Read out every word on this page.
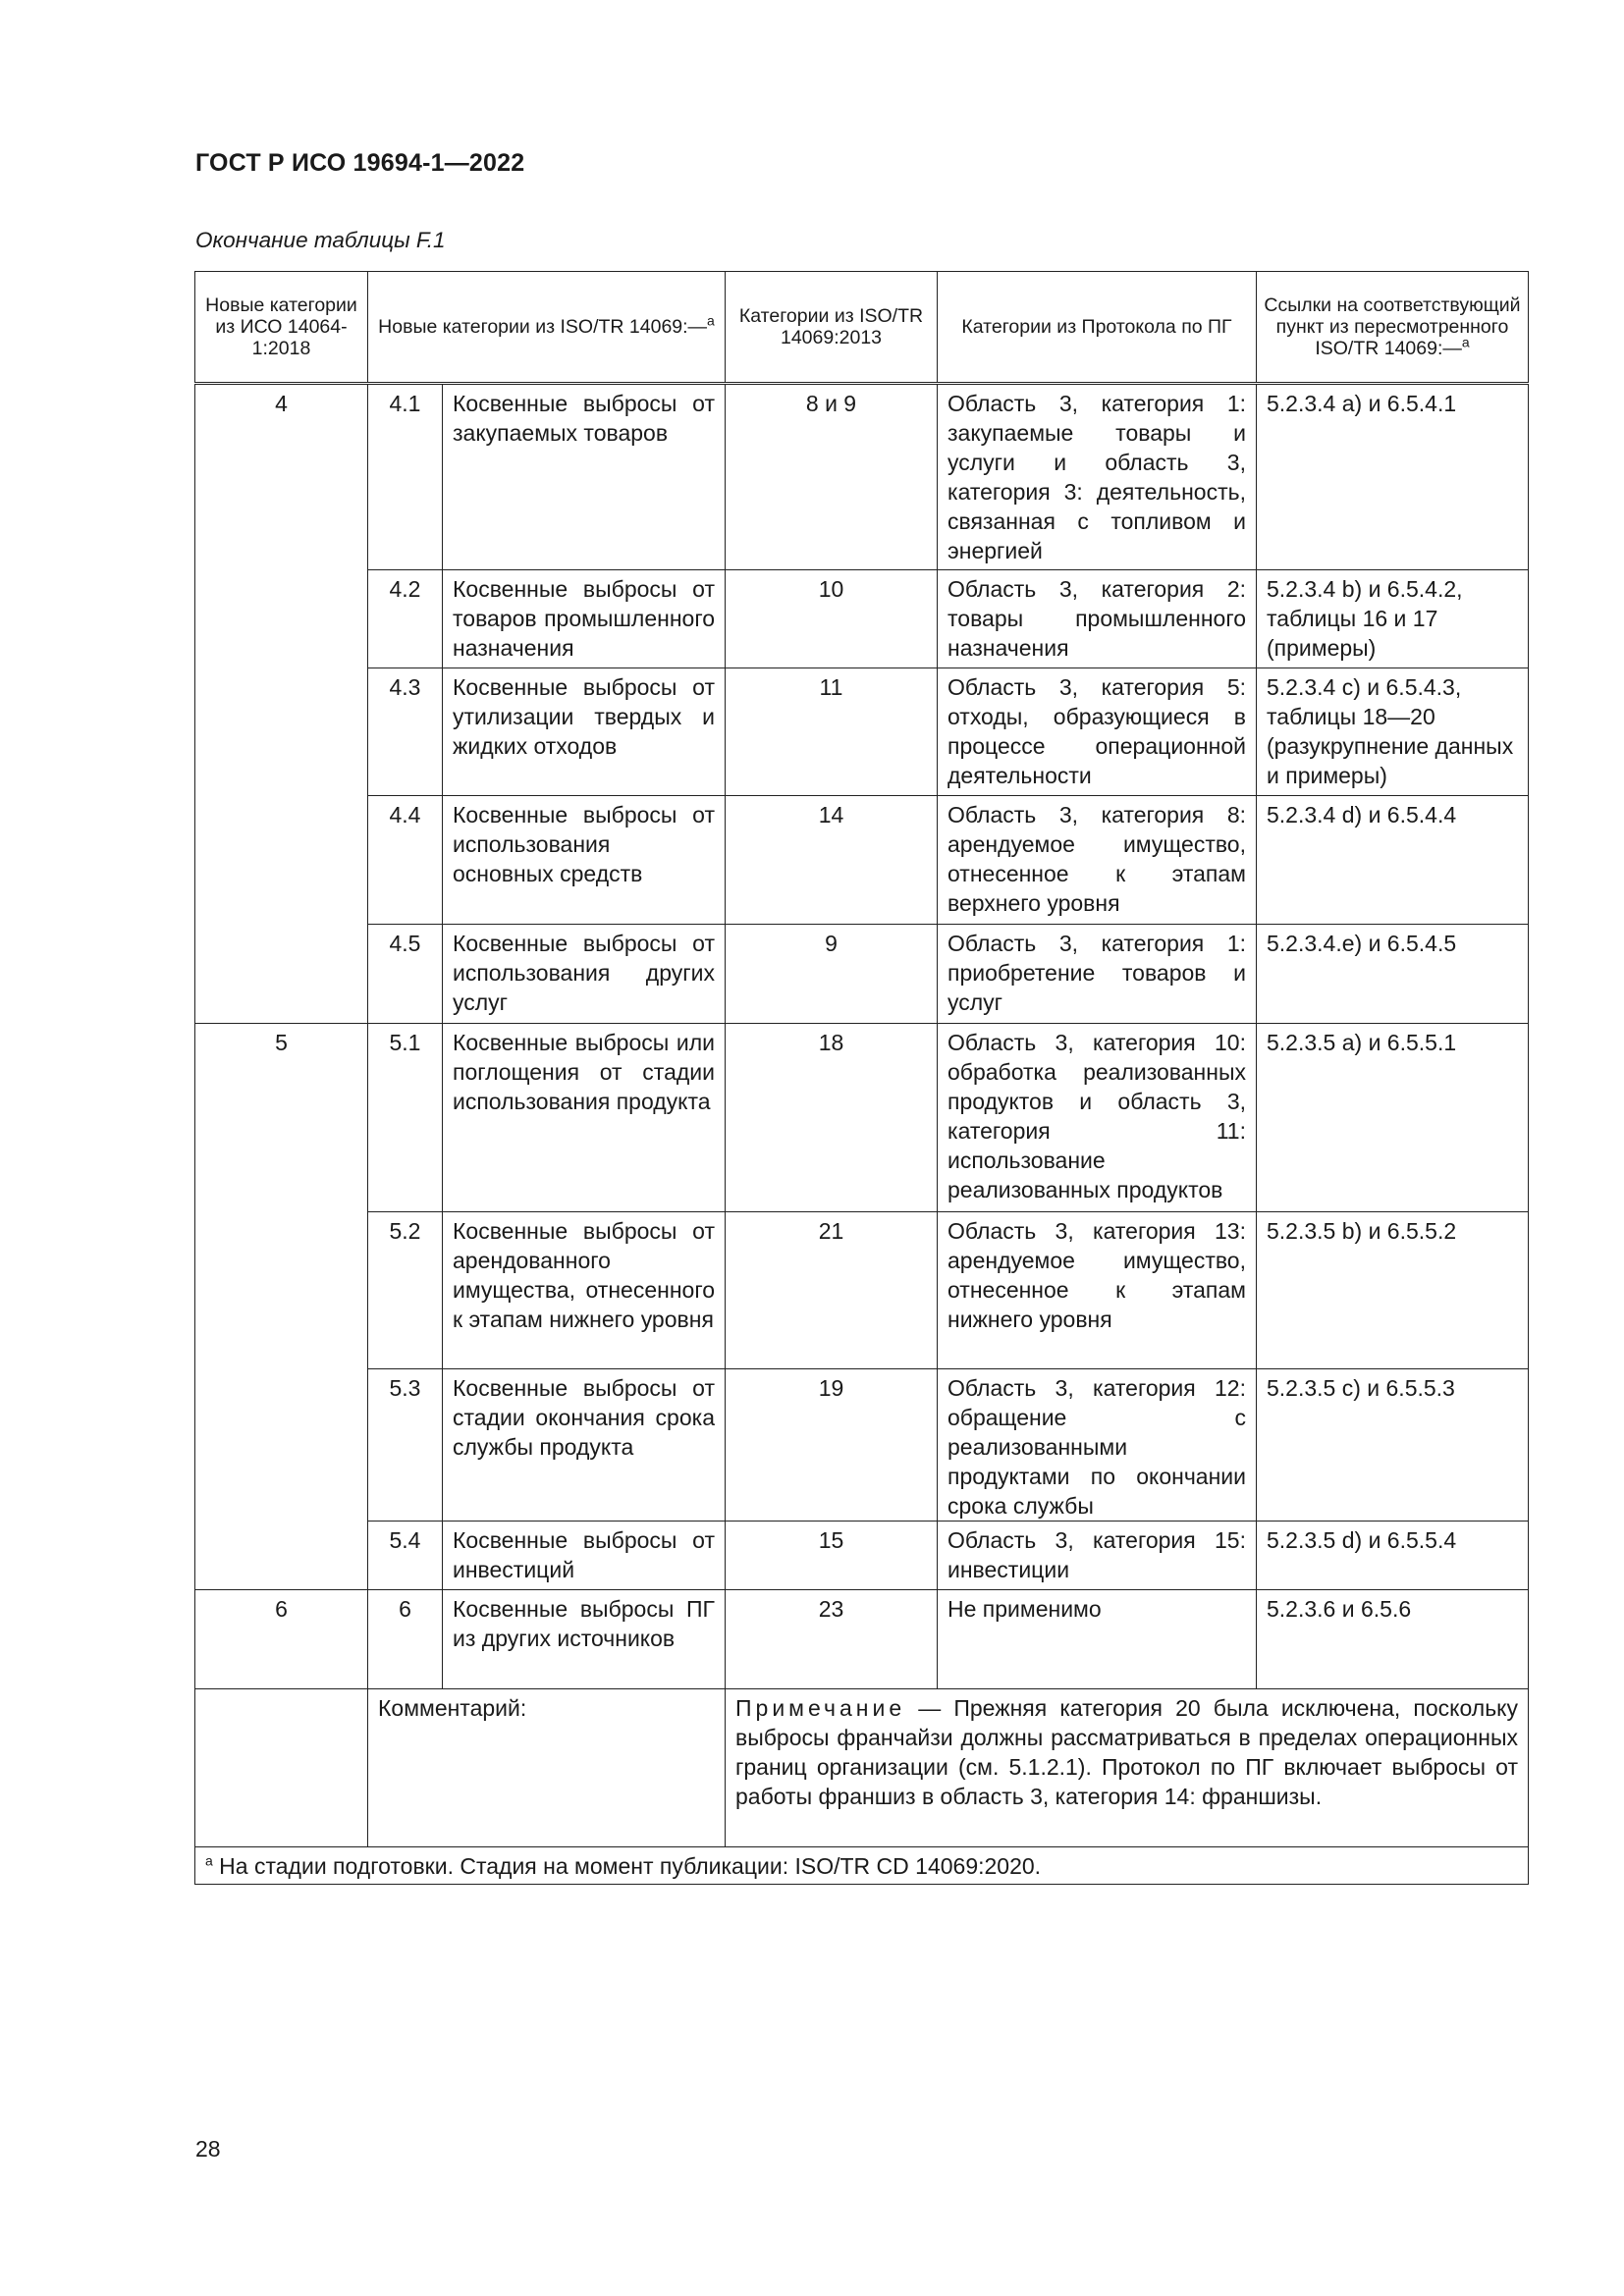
ГОСТ Р ИСО 19694-1—2022
Окончание таблицы F.1
Новые категории из ИСО 14064-1:2018	Новые категории из ISO/TR 14069:—$^а$		Категории из ISO/TR 14069:2013	Категории из Протокола по ПГ	Ссылки на соответствующий пункт из пересмотренного ISO/TR 14069:—$^а$
4	4.1	Косвенные выбросы от закупаемых товаров	8 и 9	Область 3, категория 1: закупаемые товары и услуги и область 3, категория 3: деятельность, связанная с топливом и энергией	5.2.3.4 a) и 6.5.4.1
	4.2	Косвенные выбросы от товаров промышленного назначения	10	Область 3, категория 2: товары промышленного назначения	5.2.3.4 b) и 6.5.4.2, таблицы 16 и 17 (примеры)
	4.3	Косвенные выбросы от утилизации твердых и жидких отходов	11	Область 3, категория 5: отходы, образующиеся в процессе операционной деятельности	5.2.3.4 c) и 6.5.4.3, таблицы 18—20 (разукрупнение данных и примеры)
	4.4	Косвенные выбросы от использования основных средств	14	Область 3, категория 8: арендуемое имущество, отнесенное к этапам верхнего уровня	5.2.3.4 d) и 6.5.4.4
	4.5	Косвенные выбросы от использования других услуг	9	Область 3, категория 1: приобретение товаров и услуг	5.2.3.4.e) и 6.5.4.5
5	5.1	Косвенные выбросы или поглощения от стадии использования продукта	18	Область 3, категория 10: обработка реализованных продуктов и область 3, категория 11: использование реализованных продуктов	5.2.3.5 a) и 6.5.5.1
	5.2	Косвенные выбросы от арендованного имущества, отнесенного к этапам нижнего уровня	21	Область 3, категория 13: арендуемое имущество, отнесенное к этапам нижнего уровня	5.2.3.5 b) и 6.5.5.2
	5.3	Косвенные выбросы от стадии окончания срока службы продукта	19	Область 3, категория 12: обращение с реализованными продуктами по окончании срока службы	5.2.3.5 c) и 6.5.5.3
	5.4	Косвенные выбросы от инвестиций	15	Область 3, категория 15: инвестиции	5.2.3.5 d) и 6.5.5.4
6	6	Косвенные выбросы ПГ из других источников	23	Не применимо	5.2.3.6 и 6.5.6
	Комментарий:		Примечание — Прежняя категория 20 была исключена, поскольку выбросы франчайзи должны рассматриваться в пределах операционных границ организации (см. 5.1.2.1). Протокол по ПГ включает выбросы от работы франшиз в область 3, категория 14: франшизы.		
$^а$ На стадии подготовки. Стадия на момент публикации: ISO/TR CD 14069:2020.					
28
